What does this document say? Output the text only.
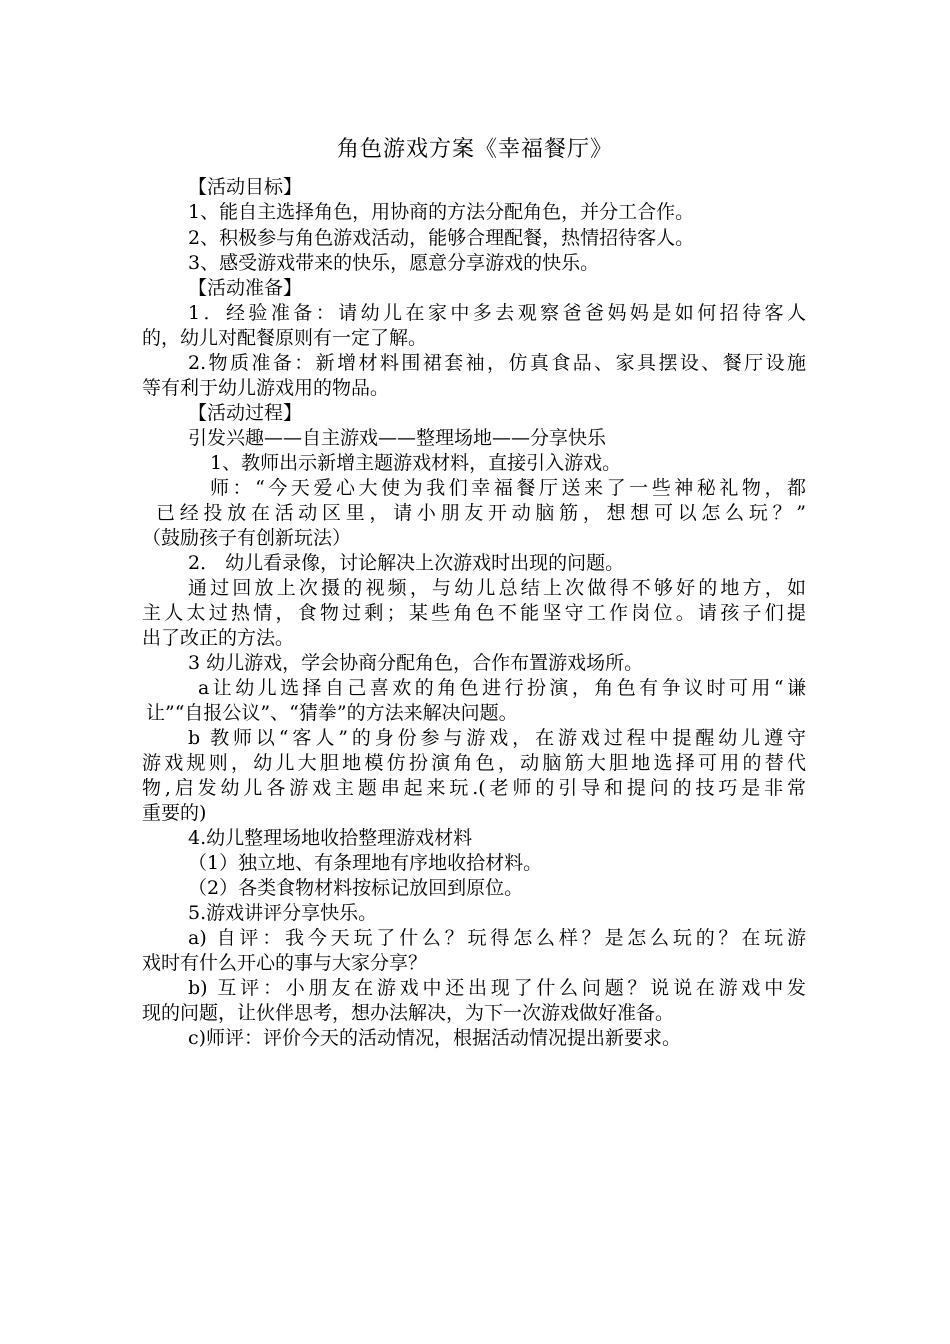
角色游戏方案《幸福餐厅》
【活动目标】
1、能自主选择角色，用协商的方法分配角色，并分工合作。
2、积极参与角色游戏活动，能够合理配餐，热情招待客人。
3、感受游戏带来的快乐，愿意分享游戏的快乐。
【活动准备】
1．经验准备：请幼儿在家中多去观察爸爸妈妈是如何招待客人
的，幼儿对配餐原则有一定了解。
2.物质准备：新增材料围裙套袖，仿真食品、家具摆设、餐厅设施
等有利于幼儿游戏用的物品。
【活动过程】
引发兴趣——自主游戏——整理场地——分享快乐
1、教师出示新增主题游戏材料，直接引入游戏。
师：“今天爱心大使为我们幸福餐厅送来了一些神秘礼物，都
已经投放在活动区里，请小朋友开动脑筋，想想可以怎么玩？”
（鼓励孩子有创新玩法）
2． 幼儿看录像，讨论解决上次游戏时出现的问题。
通过回放上次摄的视频，与幼儿总结上次做得不够好的地方，如
主人太过热情，食物过剩；某些角色不能坚守工作岗位。请孩子们提
出了改正的方法。
3 幼儿游戏，学会协商分配角色，合作布置游戏场所。
a让幼儿选择自己喜欢的角色进行扮演，角色有争议时可用“谦
让”“自报公议”、“猜拳”的方法来解决问题。
b 教师以“客人”的身份参与游戏，在游戏过程中提醒幼儿遵守
游戏规则，幼儿大胆地模仿扮演角色，动脑筋大胆地选择可用的替代
物,启发幼儿各游戏主题串起来玩.(老师的引导和提问的技巧是非常
重要的)
4.幼儿整理场地收拾整理游戏材料
（1）独立地、有条理地有序地收拾材料。
（2）各类食物材料按标记放回到原位。
5.游戏讲评分享快乐。
a) 自评：我今天玩了什么？玩得怎么样？是怎么玩的？在玩游
戏时有什么开心的事与大家分享？
b) 互评：小朋友在游戏中还出现了什么问题？说说在游戏中发
现的问题，让伙伴思考，想办法解决，为下一次游戏做好准备。
c)师评：评价今天的活动情况，根据活动情况提出新要求。
